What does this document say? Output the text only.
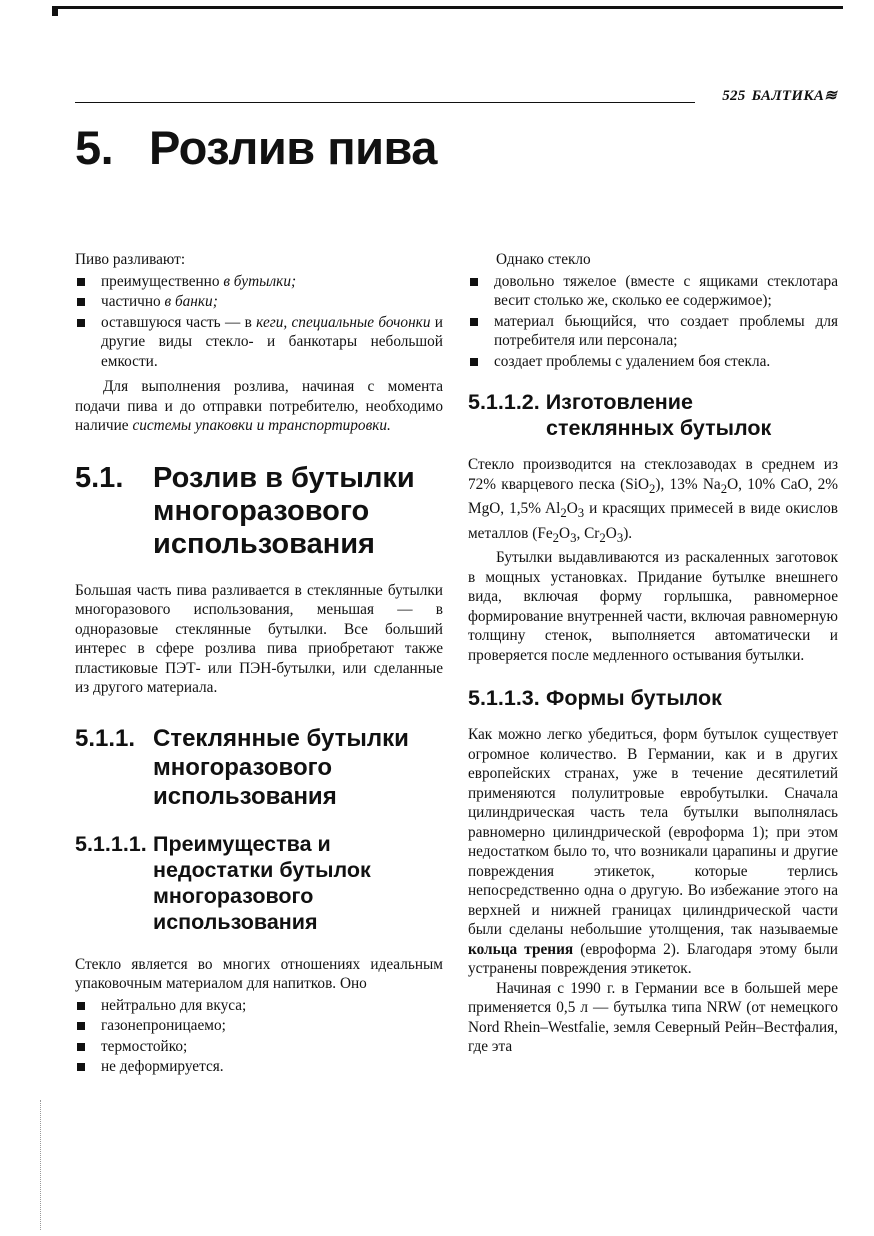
525 БАЛТИКА≋
5. Розлив пива

Пиво разливают:

преимущественно в бутылки;
частично в банки;
оставшуюся часть — в кеги, специальные бочонки и другие виды стекло- и банкотары небольшой емкости.

Для выполнения розлива, начиная с момента подачи пива и до отправки потребителю, необходимо наличие системы упаковки и транспортировки.

5.1.	Розлив в бутылки многоразового использования

Большая часть пива разливается в стеклянные бутылки многоразового использования, меньшая — в одноразовые стеклянные бутылки. Все больший интерес в сфере розлива пива приобретают также пластиковые ПЭТ- или ПЭН-бутылки, или сделанные из другого материала.

5.1.1. Стеклянные бутылки многоразового использования
5.1.1.1. Преимущества и недостатки бутылок многоразового использования

Стекло является во многих отношениях идеальным упаковочным материалом для напитков. Оно

нейтрально для вкуса;
газонепроницаемо;
термостойко;
не деформируется.

Однако стекло

довольно тяжелое (вместе с ящиками стеклотара весит столько же, сколько ее содержимое);
материал бьющийся, что создает проблемы для потребителя или персонала;
создает проблемы с удалением боя стекла.
5.1.1.2. Изготовление
стеклянных бутылок

Стекло производится на стеклозаводах в среднем из 72% кварцевого песка (SiO$_2$), 13% $Na_2O$, 10% CaO, 2% MgO, 1,5% $Al_2O_3$ и красящих примесей в виде окислов металлов ($Fe_2O_3$, $Cr_2O_3$).

Бутылки выдавливаются из раскаленных заготовок в мощных установках. Придание бутылке внешнего вида, включая форму горлышка, равномерное формирование внутренней части, включая равномерную толщину стенок, выполняется автоматически и проверяется после медленного остывания бутылки.

5.1.1.3. Формы бутылок

Как можно легко убедиться, форм бутылок существует огромное количество. В Германии, как и в других европейских странах, уже в течение десятилетий применяются полулитровые евробутылки. Сначала цилиндрическая часть тела бутылки выполнялась равномерно цилиндрической (евроформа 1); при этом недостатком было то, что возникали царапины и другие повреждения этикеток, которые терлись непосредственно одна о другую. Во избежание этого на верхней и нижней границах цилиндрической части были сделаны небольшие утолщения, так называемые кольца трения (евроформа 2). Благодаря этому были устранены повреждения этикеток.

Начиная с 1990 г. в Германии все в большей мере применяется 0,5 л — бутылка типа NRW (от немецкого Nord Rhein–Westfalie, земля Северный Рейн–Вестфалия, где эта
